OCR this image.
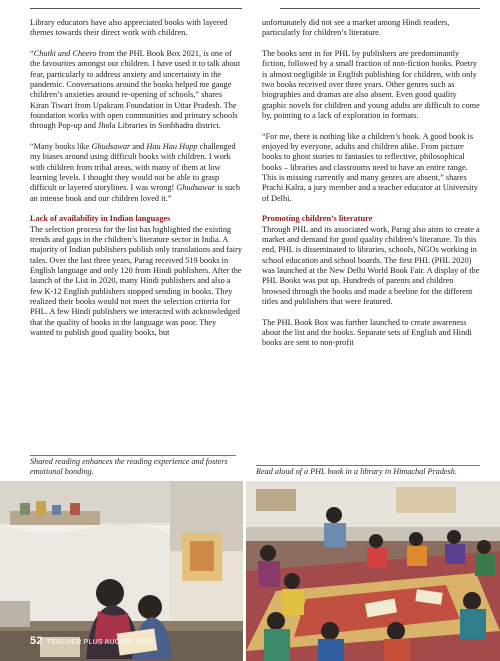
Library educators have also appreciated books with layered themes towards their direct work with children.

“Chutki and Cheero from the PHL Book Box 2021, is one of the favourites amongst our children. I have used it to talk about fear, particularly to address anxiety and uncertainty in the pandemic. Conversations around the books helped me gauge children’s anxieties around re-opening of schools,” shares Kiran Tiwari from Upakram Foundation in Uttar Pradesh. The foundation works with open communities and primary schools through Pop-up and Jhola Libraries in Sonbhadra district.

“Many books like Ghudsawar and Hau Hau Hupp challenged my biases around using difficult books with children. I work with children from tribal areas, with many of them at low learning levels. I thought they would not be able to grasp difficult or layered storylines. I was wrong! Ghudsawar is such an intense book and our children loved it.”

Lack of availability in Indian languages

The selection process for the list has highlighted the existing trends and gaps in the children’s literature sector in India. A majority of Indian publishers publish only translations and fairy tales. Over the last three years, Parag received 519 books in English language and only 120 from Hindi publishers. After the launch of the List in 2020, many Hindi publishers and also a few K-12 English publishers stopped sending in books. They realized their books would not meet the selection criteria for PHL. A few Hindi publishers we interacted with acknowledged that the quality of books in the language was poor. They wanted to publish good quality books, but

unfortunately did not see a market among Hindi readers, particularly for children’s literature.

The books sent in for PHL by publishers are predominantly fiction, followed by a small fraction of non-fiction books. Poetry is almost negligible in English publishing for children, with only two books received over three years. Other genres such as biographies and dramas are also absent. Even good quality graphic novels for children and young adults are difficult to come by, pointing to a lack of exploration in formats.

“For me, there is nothing like a children’s book. A good book is enjoyed by everyone, adults and children alike. From picture books to ghost stories to fantasies to reflective, philosophical books – libraries and classrooms need to have an entire range. This is missing currently and many genres are absent,” shares Prachi Kalra, a jury member and a teacher educator at University of Delhi.

Promoting children’s literature

Through PHL and its associated work, Parag also aims to create a market and demand for good quality children’s literature. To this end, PHL is disseminated to libraries, schools, NGOs working in school education and school boards. The first PHL (PHL 2020) was launched at the New Delhi World Book Fair. A display of the PHL Books was put up. Hundreds of parents and children browsed through the books and made a beeline for the different titles and publishers that were featured.

The PHL Book Box was further launched to create awareness about the list and the books. Separate sets of English and Hindi books are sent to non-profit

Shared reading enhances the reading experience and fosters emotional bonding.	Read aloud of a PHL book in a library in Himachal Pradesh.
52 TEACHER PLUS AUGUST 2022
